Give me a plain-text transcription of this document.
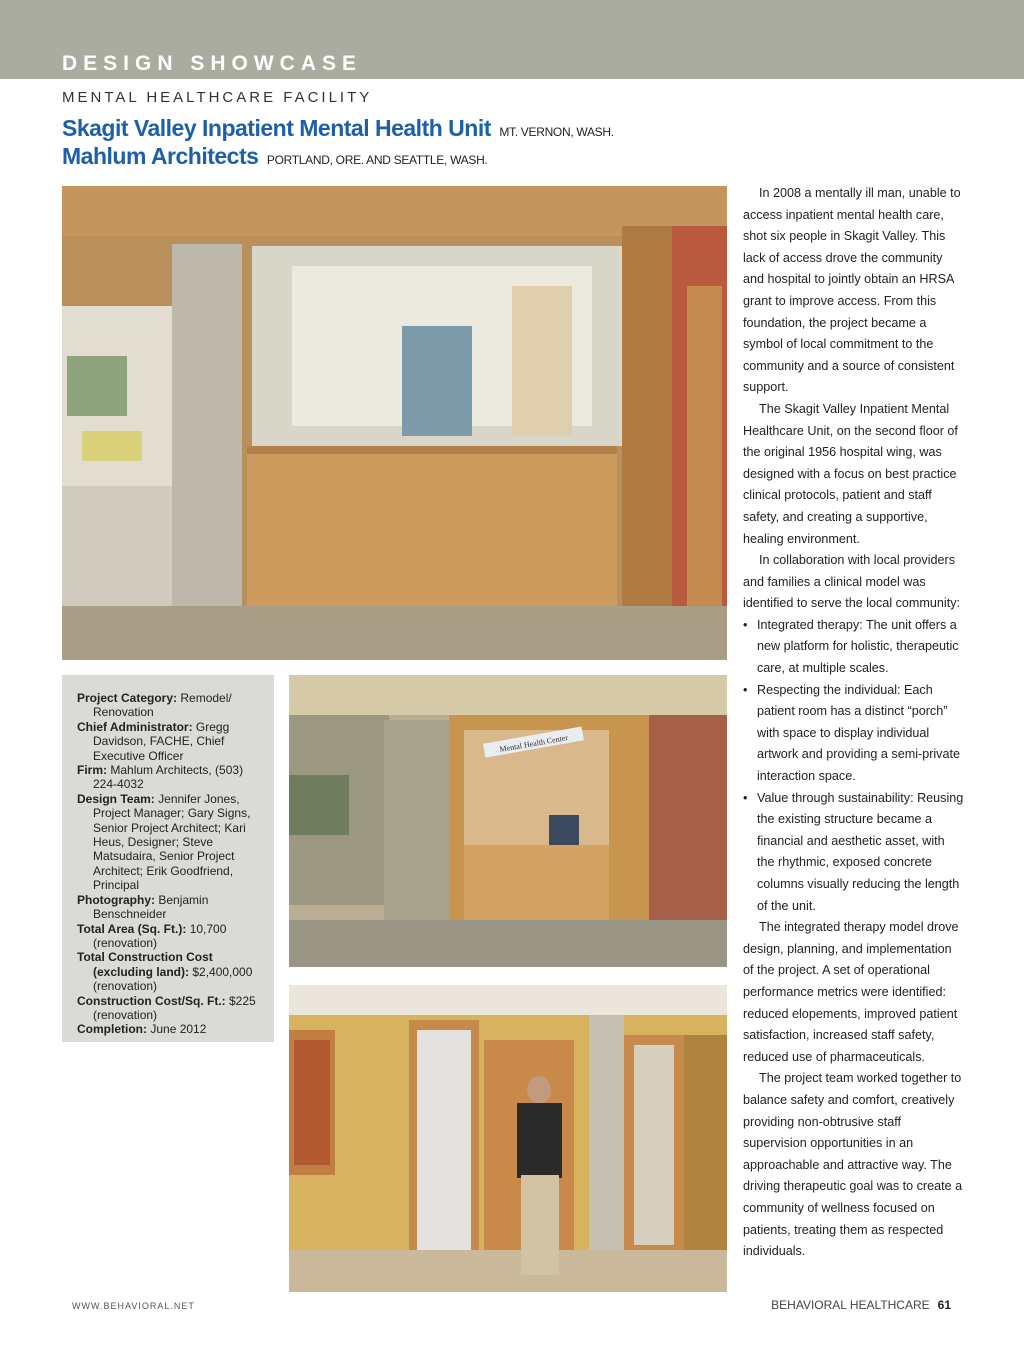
DESIGN SHOWCASE
MENTAL HEALTHCARE FACILITY
Skagit Valley Inpatient Mental Health Unit MT. VERNON, WASH.
Mahlum Architects PORTLAND, ORE. AND SEATTLE, WASH.
Mental Health Center
Project Category: Remodel/ Renovation
Chief Administrator: Gregg Davidson, FACHE, Chief Executive Officer
Firm: Mahlum Architects, (503) 224-4032
Design Team: Jennifer Jones, Project Manager; Gary Signs, Senior Project Architect; Kari Heus, Designer; Steve Matsudaira, Senior Project Architect; Erik Goodfriend, Principal
Photography: Benjamin Benschneider
Total Area (Sq. Ft.): 10,700 (renovation)
Total Construction Cost (excluding land): $2,400,000 (renovation)
Construction Cost/Sq. Ft.: $225 (renovation)
Completion: June 2012

In 2008 a mentally ill man, unable to access inpatient mental health care, shot six people in Skagit Valley. This lack of access drove the community and hospital to jointly obtain an HRSA grant to improve access. From this foundation, the project became a symbol of local commitment to the community and a source of consistent support.

The Skagit Valley Inpatient Mental Healthcare Unit, on the second floor of the original 1956 hospital wing, was designed with a focus on best practice clinical protocols, patient and staff safety, and creating a supportive, healing environment.

In collaboration with local providers and families a clinical model was identified to serve the local community:

• Integrated therapy: The unit offers a new platform for holistic, therapeutic care, at multiple scales.
• Respecting the individual: Each patient room has a distinct “porch” with space to display individual artwork and providing a semi-private interaction space.
• Value through sustainability: Reusing the existing structure became a financial and aesthetic asset, with the rhythmic, exposed concrete columns visually reducing the length of the unit.

The integrated therapy model drove design, planning, and implementation of the project. A set of operational performance metrics were identified: reduced elopements, improved patient satisfaction, increased staff safety, reduced use of pharmaceuticals.

The project team worked together to balance safety and comfort, creatively providing non-obtrusive staff supervision opportunities in an approachable and attractive way. The driving therapeutic goal was to create a community of wellness focused on patients, treating them as respected individuals.

WWW.BEHAVIORAL.NET	BEHAVIORAL HEALTHCARE 61
